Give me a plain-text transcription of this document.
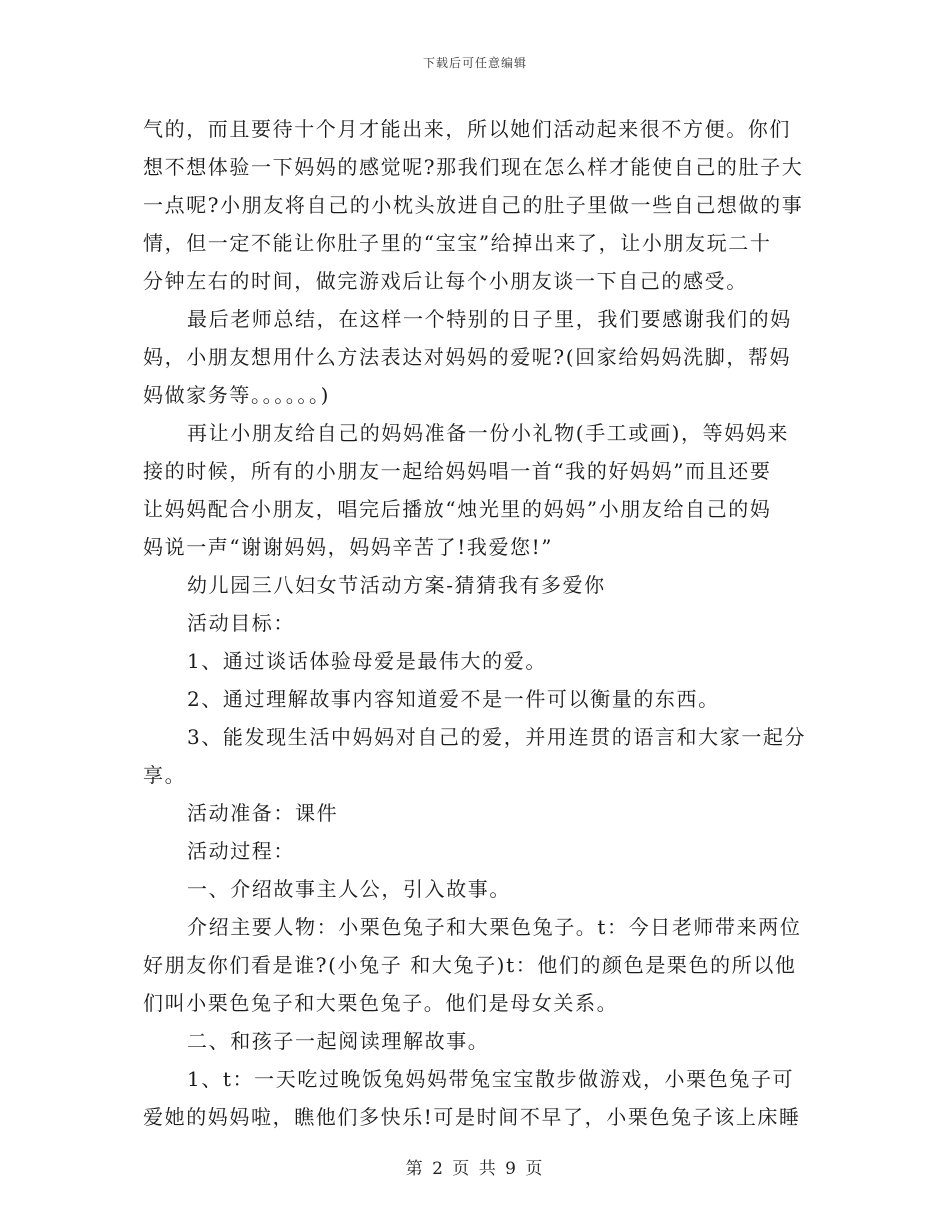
下载后可任意编辑
气的，而且要待十个月才能出来，所以她们活动起来很不方便。你们
想不想体验一下妈妈的感觉呢?那我们现在怎么样才能使自己的肚子大
一点呢?小朋友将自己的小枕头放进自己的肚子里做一些自己想做的事
情，但一定不能让你肚子里的“宝宝”给掉出来了，让小朋友玩二十
分钟左右的时间，做完游戏后让每个小朋友谈一下自己的感受。
最后老师总结，在这样一个特别的日子里，我们要感谢我们的妈
妈，小朋友想用什么方法表达对妈妈的爱呢?(回家给妈妈洗脚，帮妈
妈做家务等。。。。。。)
再让小朋友给自己的妈妈准备一份小礼物(手工或画)，等妈妈来
接的时候，所有的小朋友一起给妈妈唱一首“我的好妈妈”而且还要
让妈妈配合小朋友，唱完后播放“烛光里的妈妈”小朋友给自己的妈
妈说一声“谢谢妈妈，妈妈辛苦了!我爱您!”
幼儿园三八妇女节活动方案-猜猜我有多爱你
活动目标：
1、通过谈话体验母爱是最伟大的爱。
2、通过理解故事内容知道爱不是一件可以衡量的东西。
3、能发现生活中妈妈对自己的爱，并用连贯的语言和大家一起分
享。
活动准备：课件
活动过程：
一、介绍故事主人公，引入故事。
介绍主要人物：小栗色兔子和大栗色兔子。t：今日老师带来两位
好朋友你们看是谁?(小兔子 和大兔子)t：他们的颜色是栗色的所以他
们叫小栗色兔子和大栗色兔子。他们是母女关系。
二、和孩子一起阅读理解故事。
1、t：一天吃过晚饭兔妈妈带兔宝宝散步做游戏，小栗色兔子可
爱她的妈妈啦，瞧他们多快乐!可是时间不早了，小栗色兔子该上床睡
第 2 页 共 9 页
